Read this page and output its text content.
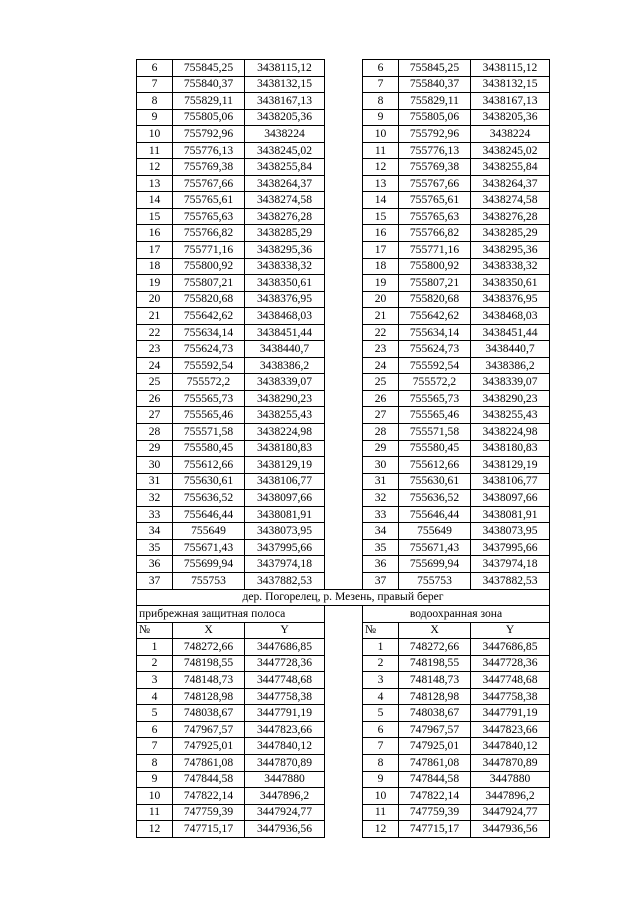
6	755845,25	3438115,12		6	755845,25	3438115,12
7	755840,37	3438132,15		7	755840,37	3438132,15
8	755829,11	3438167,13		8	755829,11	3438167,13
9	755805,06	3438205,36		9	755805,06	3438205,36
10	755792,96	3438224		10	755792,96	3438224
11	755776,13	3438245,02		11	755776,13	3438245,02
12	755769,38	3438255,84		12	755769,38	3438255,84
13	755767,66	3438264,37		13	755767,66	3438264,37
14	755765,61	3438274,58		14	755765,61	3438274,58
15	755765,63	3438276,28		15	755765,63	3438276,28
16	755766,82	3438285,29		16	755766,82	3438285,29
17	755771,16	3438295,36		17	755771,16	3438295,36
18	755800,92	3438338,32		18	755800,92	3438338,32
19	755807,21	3438350,61		19	755807,21	3438350,61
20	755820,68	3438376,95		20	755820,68	3438376,95
21	755642,62	3438468,03		21	755642,62	3438468,03
22	755634,14	3438451,44		22	755634,14	3438451,44
23	755624,73	3438440,7		23	755624,73	3438440,7
24	755592,54	3438386,2		24	755592,54	3438386,2
25	755572,2	3438339,07		25	755572,2	3438339,07
26	755565,73	3438290,23		26	755565,73	3438290,23
27	755565,46	3438255,43		27	755565,46	3438255,43
28	755571,58	3438224,98		28	755571,58	3438224,98
29	755580,45	3438180,83		29	755580,45	3438180,83
30	755612,66	3438129,19		30	755612,66	3438129,19
31	755630,61	3438106,77		31	755630,61	3438106,77
32	755636,52	3438097,66		32	755636,52	3438097,66
33	755646,44	3438081,91		33	755646,44	3438081,91
34	755649	3438073,95		34	755649	3438073,95
35	755671,43	3437995,66		35	755671,43	3437995,66
36	755699,94	3437974,18		36	755699,94	3437974,18
37	755753	3437882,53		37	755753	3437882,53
дер. Погорелец, р. Мезень, правый берег						
прибрежная защитная полоса				водоохранная зона		
№	X	Y		№	X	Y
1	748272,66	3447686,85		1	748272,66	3447686,85
2	748198,55	3447728,36		2	748198,55	3447728,36
3	748148,73	3447748,68		3	748148,73	3447748,68
4	748128,98	3447758,38		4	748128,98	3447758,38
5	748038,67	3447791,19		5	748038,67	3447791,19
6	747967,57	3447823,66		6	747967,57	3447823,66
7	747925,01	3447840,12		7	747925,01	3447840,12
8	747861,08	3447870,89		8	747861,08	3447870,89
9	747844,58	3447880		9	747844,58	3447880
10	747822,14	3447896,2		10	747822,14	3447896,2
11	747759,39	3447924,77		11	747759,39	3447924,77
12	747715,17	3447936,56		12	747715,17	3447936,56
